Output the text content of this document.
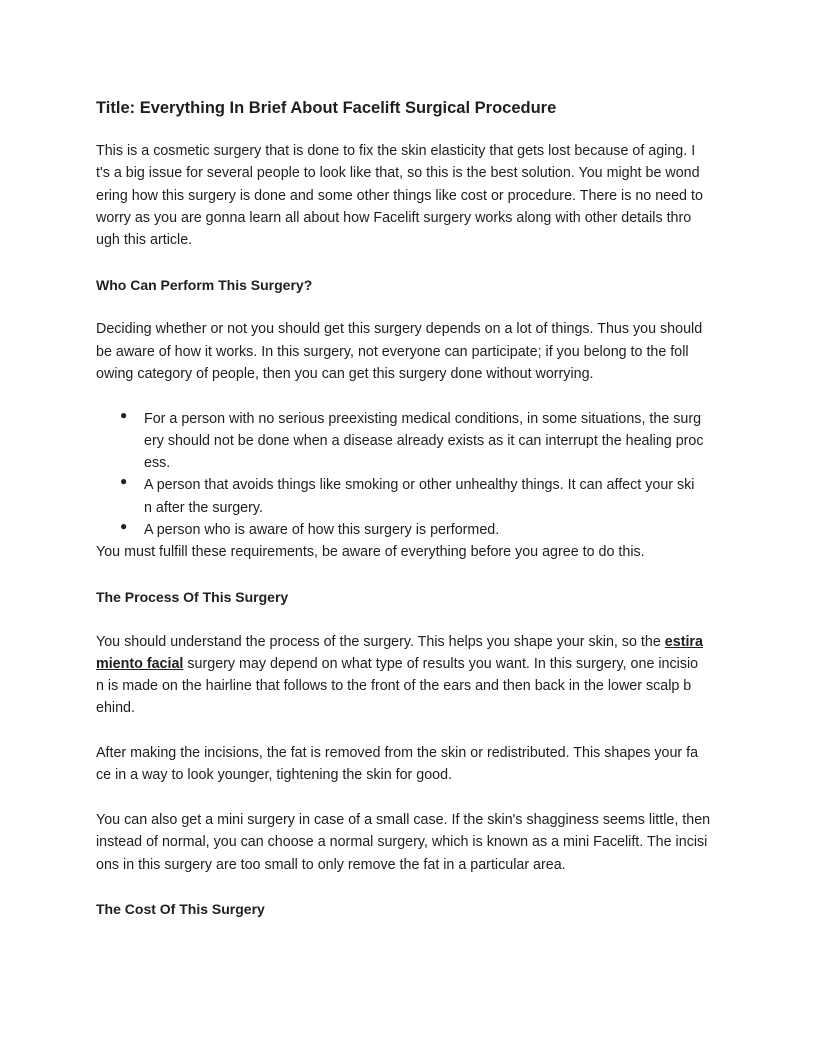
Title: Everything In Brief About Facelift Surgical Procedure
This is a cosmetic surgery that is done to fix the skin elasticity that gets lost because of aging. I
t's a big issue for several people to look like that, so this is the best solution. You might be wond
ering how this surgery is done and some other things like cost or procedure. There is no need to
worry as you are gonna learn all about how Facelift surgery works along with other details thro
ugh this article.
Who Can Perform This Surgery?
Deciding whether or not you should get this surgery depends on a lot of things. Thus you should
be aware of how it works. In this surgery, not everyone can participate; if you belong to the foll
owing category of people, then you can get this surgery done without worrying.
● For a person with no serious preexisting medical conditions, in some situations, the surg
ery should not be done when a disease already exists as it can interrupt the healing proc
ess.
● A person that avoids things like smoking or other unhealthy things. It can affect your ski
n after the surgery.
● A person who is aware of how this surgery is performed.
You must fulfill these requirements, be aware of everything before you agree to do this.
The Process Of This Surgery
You should understand the process of the surgery. This helps you shape your skin, so the estira
miento facial surgery may depend on what type of results you want. In this surgery, one incisio
n is made on the hairline that follows to the front of the ears and then back in the lower scalp b
ehind.
After making the incisions, the fat is removed from the skin or redistributed. This shapes your fa
ce in a way to look younger, tightening the skin for good.
You can also get a mini surgery in case of a small case. If the skin's shagginess seems little, then
instead of normal, you can choose a normal surgery, which is known as a mini Facelift. The incisi
ons in this surgery are too small to only remove the fat in a particular area.
The Cost Of This Surgery
